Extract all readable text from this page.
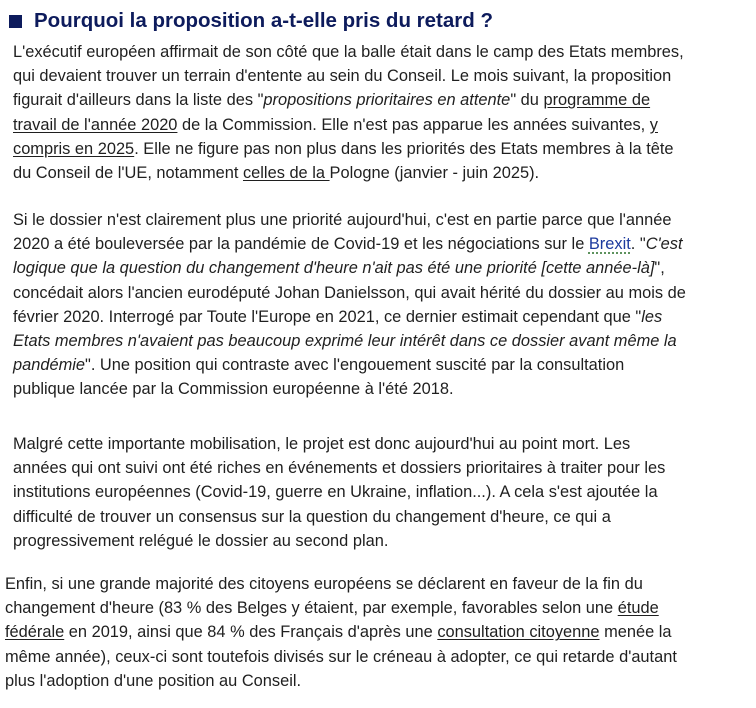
Pourquoi la proposition a-t-elle pris du retard ?

L'exécutif européen affirmait de son côté que la balle était dans le camp des Etats membres,
qui devaient trouver un terrain d'entente au sein du Conseil. Le mois suivant, la proposition
figurait d'ailleurs dans la liste des "propositions prioritaires en attente" du programme de
travail de l'année 2020 de la Commission. Elle n'est pas apparue les années suivantes, y
compris en 2025. Elle ne figure pas non plus dans les priorités des Etats membres à la tête
du Conseil de l'UE, notamment celles de la Pologne (janvier - juin 2025).

Si le dossier n'est clairement plus une priorité aujourd'hui, c'est en partie parce que l'année
2020 a été bouleversée par la pandémie de Covid-19 et les négociations sur le Brexit. "C'est
logique que la question du changement d'heure n'ait pas été une priorité [cette année-là]",
concédait alors l'ancien eurodéputé Johan Danielsson, qui avait hérité du dossier au mois de
février 2020. Interrogé par Toute l'Europe en 2021, ce dernier estimait cependant que "les
Etats membres n'avaient pas beaucoup exprimé leur intérêt dans ce dossier avant même la
pandémie". Une position qui contraste avec l'engouement suscité par la consultation
publique lancée par la Commission européenne à l'été 2018.

Malgré cette importante mobilisation, le projet est donc aujourd'hui au point mort. Les
années qui ont suivi ont été riches en événements et dossiers prioritaires à traiter pour les
institutions européennes (Covid-19, guerre en Ukraine, inflation...). A cela s'est ajoutée la
difficulté de trouver un consensus sur la question du changement d'heure, ce qui a
progressivement relégué le dossier au second plan.

Enfin, si une grande majorité des citoyens européens se déclarent en faveur de la fin du
changement d'heure (83 % des Belges y étaient, par exemple, favorables selon une étude
fédérale en 2019, ainsi que 84 % des Français d'après une consultation citoyenne menée la
même année), ceux-ci sont toutefois divisés sur le créneau à adopter, ce qui retarde d'autant
plus l'adoption d'une position au Conseil.
